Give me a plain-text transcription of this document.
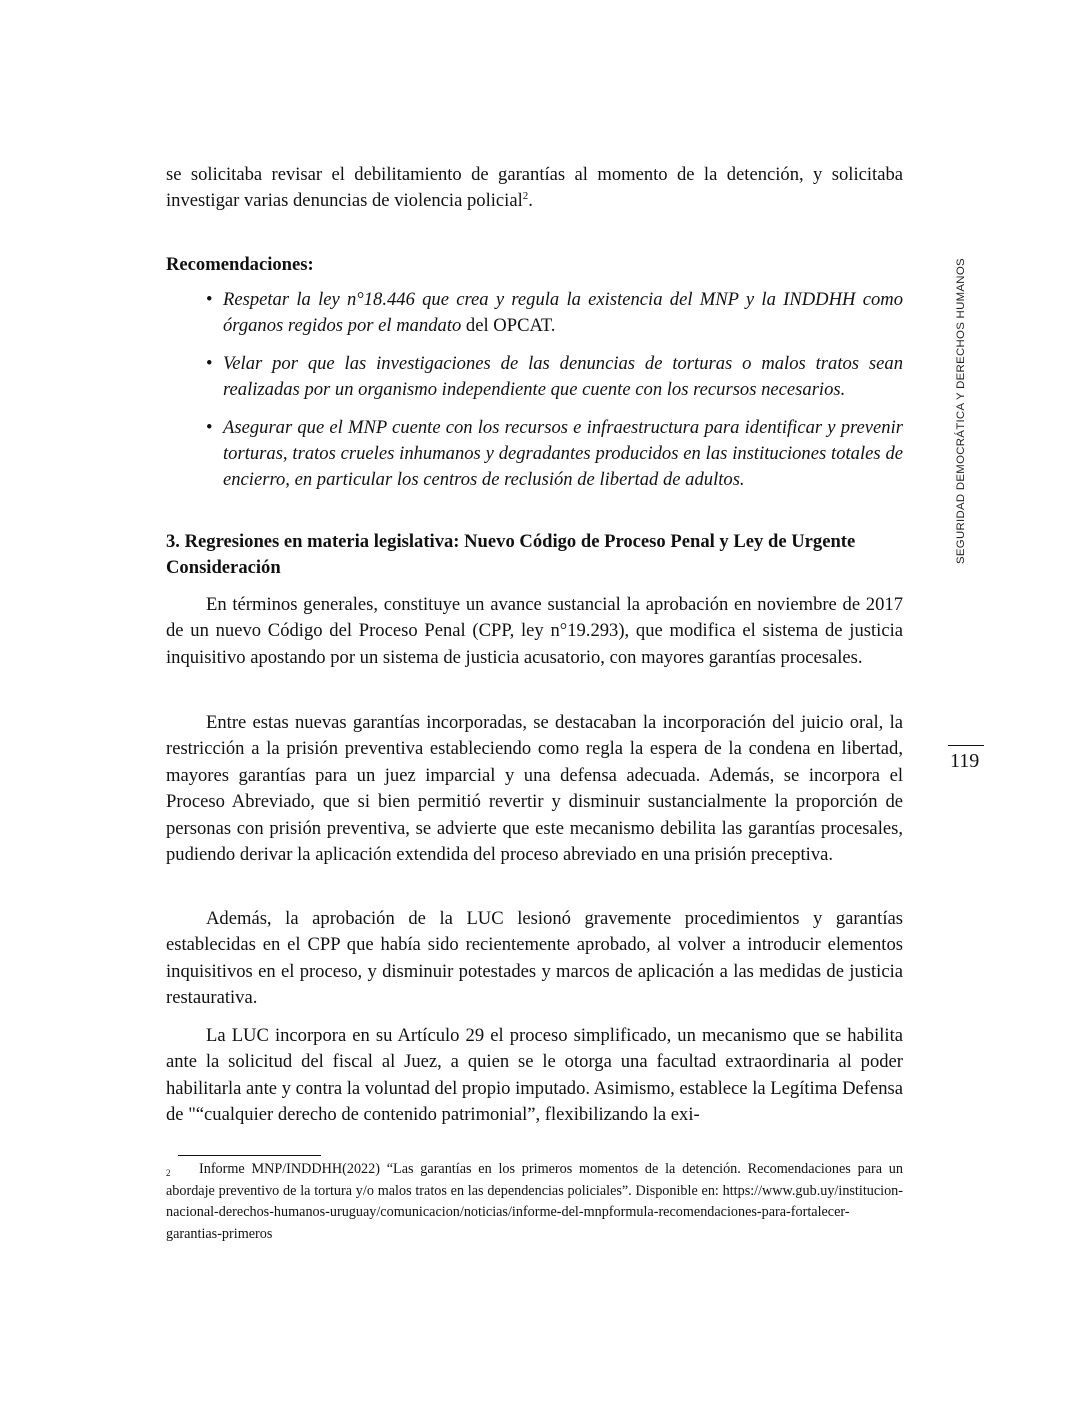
se solicitaba revisar el debilitamiento de garantías al momento de la detención, y solicitaba investigar varias denuncias de violencia policial$^2$.

Recomendaciones:

• Respetar la ley n°18.446 que crea y regula la existencia del MNP y la INDDHH como órganos regidos por el mandato del OPCAT.
• Velar por que las investigaciones de las denuncias de torturas o malos tratos sean realizadas por un organismo independiente que cuente con los recursos necesarios.
• Asegurar que el MNP cuente con los recursos e infraestructura para identificar y prevenir torturas, tratos crueles inhumanos y degradantes producidos en las instituciones totales de encierro, en particular los centros de reclusión de libertad de adultos.

3. Regresiones en materia legislativa: Nuevo Código de Proceso Penal y Ley de Urgente Consideración

En términos generales, constituye un avance sustancial la aprobación en noviembre de 2017 de un nuevo Código del Proceso Penal (CPP, ley n°19.293), que modifica el sistema de justicia inquisitivo apostando por un sistema de justicia acusatorio, con mayores garantías procesales.

Entre estas nuevas garantías incorporadas, se destacaban la incorporación del juicio oral, la restricción a la prisión preventiva estableciendo como regla la espera de la condena en libertad, mayores garantías para un juez imparcial y una defensa adecuada. Además, se incorpora el Proceso Abreviado, que si bien permitió revertir y disminuir sustancialmente la proporción de personas con prisión preventiva, se advierte que este mecanismo debilita las garantías procesales, pudiendo derivar la aplicación extendida del proceso abreviado en una prisión preceptiva.

Además, la aprobación de la LUC lesionó gravemente procedimientos y garantías establecidas en el CPP que había sido recientemente aprobado, al volver a introducir elementos inquisitivos en el proceso, y disminuir potestades y marcos de aplicación a las medidas de justicia restaurativa.

La LUC incorpora en su Artículo 29 el proceso simplificado, un mecanismo que se habilita ante la solicitud del fiscal al Juez, a quien se le otorga una facultad extraordinaria al poder habilitarla ante y contra la voluntad del propio imputado. Asimismo, establece la Legítima Defensa de "“cualquier derecho de contenido patrimonial”, flexibilizando la exi-

SEGURIDAD DEMOCRÁTICA Y DERECHOS HUMANOS
119

2 Informe MNP/INDDHH(2022) “Las garantías en los primeros momentos de la detención. Recomendaciones para un abordaje preventivo de la tortura y/o malos tratos en las dependencias policiales”. Disponible en: https://www.gub.uy/institucion-nacional-derechos-humanos-uruguay/comunicacion/noticias/informe-del-mnpformula-recomendaciones-para-fortalecer-garantias-primeros
